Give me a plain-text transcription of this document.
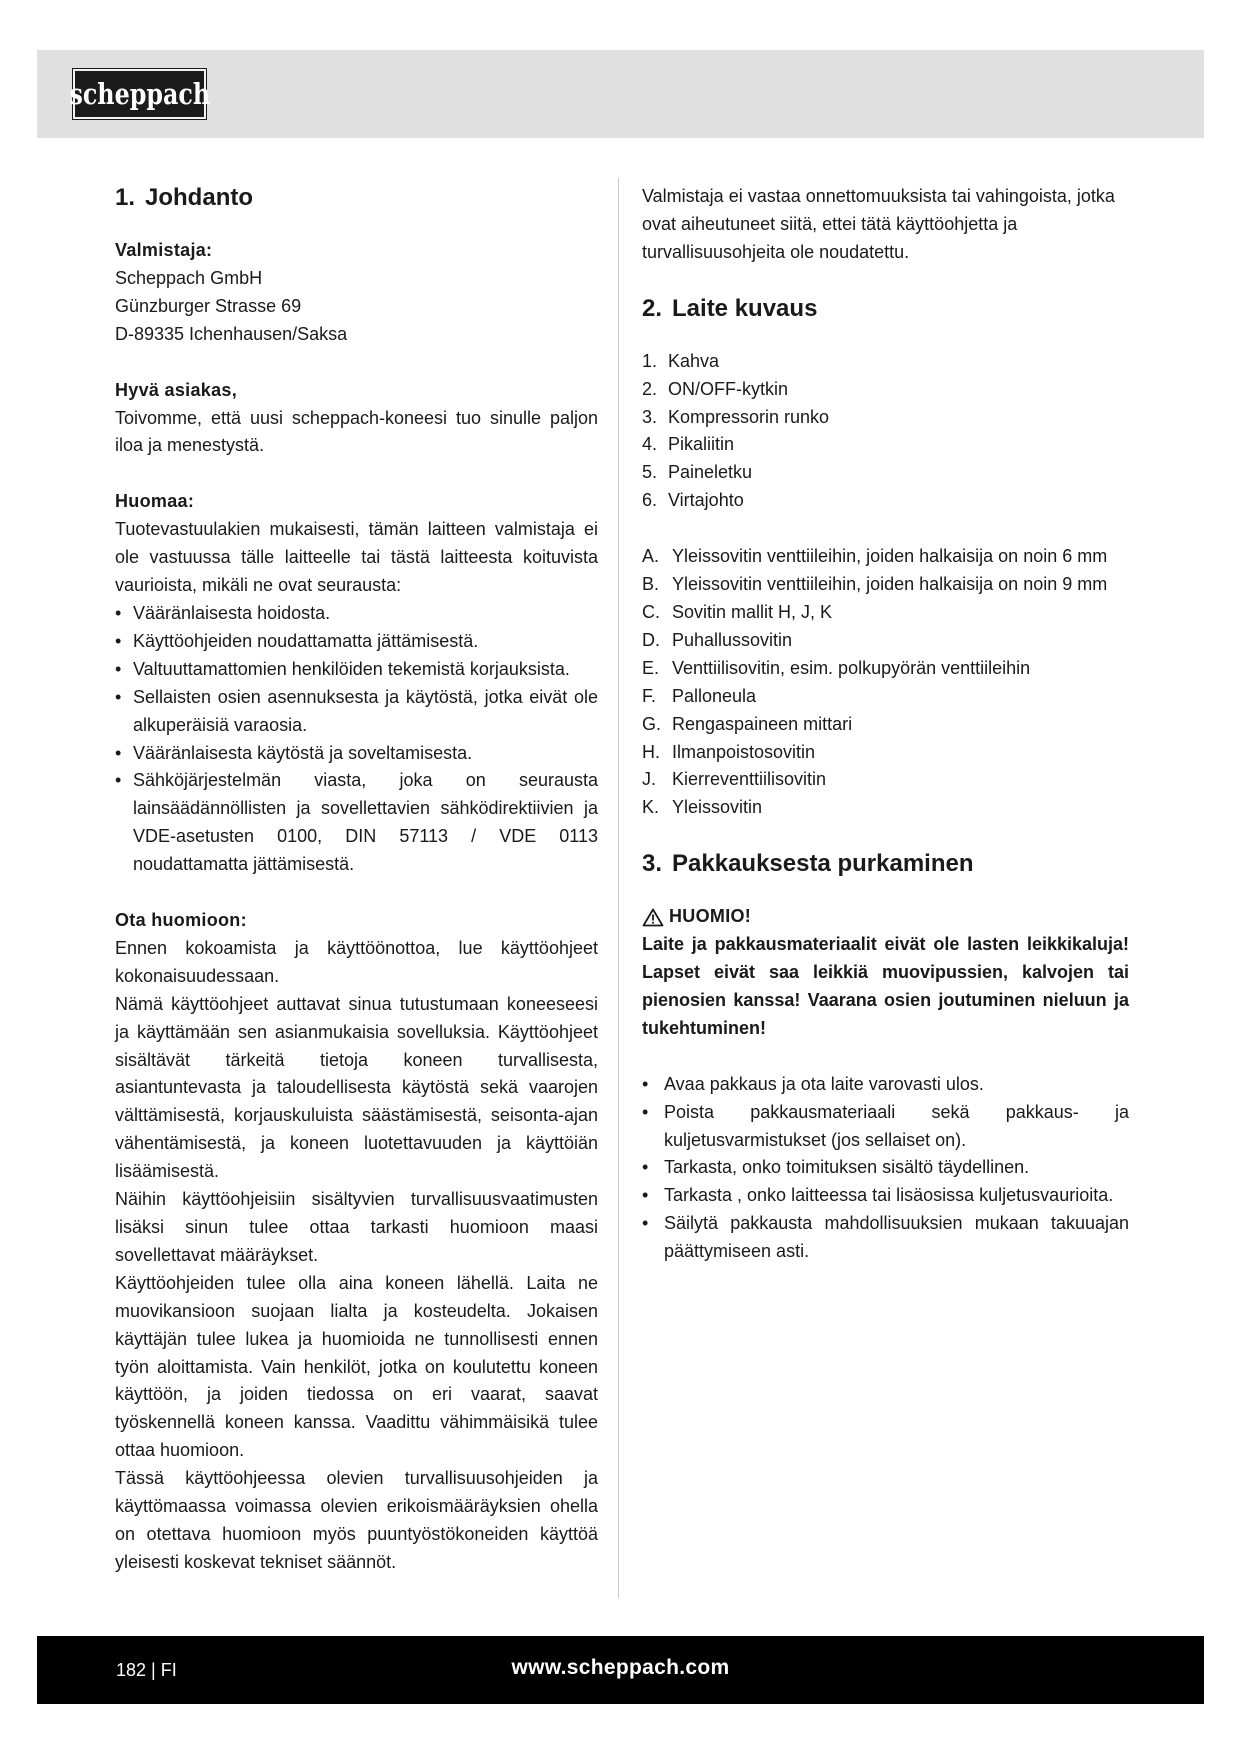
scheppach
1. Johdanto
Valmistaja:
Scheppach GmbH
Günzburger Strasse 69
D-89335 Ichenhausen/Saksa
Hyvä asiakas,

Toivomme, että uusi scheppach-koneesi tuo sinulle paljon iloa ja menestystä.

Huomaa:

Tuotevastuulakien mukaisesti, tämän laitteen valmistaja ei ole vastuussa tälle laitteelle tai tästä laitteesta koituvista vaurioista, mikäli ne ovat seurausta:

• Vääränlaisesta hoidosta.
• Käyttöohjeiden noudattamatta jättämisestä.
• Valtuuttamattomien henkilöiden tekemistä korjauksista.
• Sellaisten osien asennuksesta ja käytöstä, jotka eivät ole alkuperäisiä varaosia.
• Vääränlaisesta käytöstä ja soveltamisesta.
• Sähköjärjestelmän viasta, joka on seurausta lainsäädännöllisten ja sovellettavien sähködirektiivien ja VDE-asetusten 0100, DIN 57113 / VDE 0113 noudattamatta jättämisestä.
Ota huomioon:

Ennen kokoamista ja käyttöönottoa, lue käyttöohjeet kokonaisuudessaan.

Nämä käyttöohjeet auttavat sinua tutustumaan koneeseesi ja käyttämään sen asianmukaisia sovelluksia. Käyttöohjeet sisältävät tärkeitä tietoja koneen turvallisesta, asiantuntevasta ja taloudellisesta käytöstä sekä vaarojen välttämisestä, korjauskuluista säästämisestä, seisonta-ajan vähentämisestä, ja koneen luotettavuuden ja käyttöiän lisäämisestä.

Näihin käyttöohjeisiin sisältyvien turvallisuusvaatimusten lisäksi sinun tulee ottaa tarkasti huomioon maasi sovellettavat määräykset.

Käyttöohjeiden tulee olla aina koneen lähellä. Laita ne muovikansioon suojaan lialta ja kosteudelta. Jokaisen käyttäjän tulee lukea ja huomioida ne tunnollisesti ennen työn aloittamista. Vain henkilöt, jotka on koulutettu koneen käyttöön, ja joiden tiedossa on eri vaarat, saavat työskennellä koneen kanssa. Vaadittu vähimmäisikä tulee ottaa huomioon.

Tässä käyttöohjeessa olevien turvallisuusohjeiden ja käyttömaassa voimassa olevien erikoismääräyksien ohella on otettava huomioon myös puuntyöstökoneiden käyttöä yleisesti koskevat tekniset säännöt.

Valmistaja ei vastaa onnettomuuksista tai vahingoista, jotka ovat aiheutuneet siitä, ettei tätä käyttöohjetta ja turvallisuusohjeita ole noudatettu.

2. Laite kuvaus
1. Kahva
2. ON/OFF-kytkin
3. Kompressorin runko
4. Pikaliitin
5. Paineletku
6. Virtajohto
A. Yleissovitin venttiileihin, joiden halkaisija on noin 6 mm
B. Yleissovitin venttiileihin, joiden halkaisija on noin 9 mm
C. Sovitin mallit H, J, K
D. Puhallussovitin
E. Venttiilisovitin, esim. polkupyörän venttiileihin
F. Palloneula
G. Rengaspaineen mittari
H. Ilmanpoistosovitin
J. Kierreventtiilisovitin
K. Yleissovitin
3. Pakkauksesta purkaminen
HUOMIO!

Laite ja pakkausmateriaalit eivät ole lasten leikkikaluja! Lapset eivät saa leikkiä muovipussien, kalvojen tai pienosien kanssa! Vaarana osien joutuminen nieluun ja tukehtuminen!

• Avaa pakkaus ja ota laite varovasti ulos.
• Poista pakkausmateriaali sekä pakkaus- ja kuljetusvarmistukset (jos sellaiset on).
• Tarkasta, onko toimituksen sisältö täydellinen.
• Tarkasta , onko laitteessa tai lisäosissa kuljetusvaurioita.
• Säilytä pakkausta mahdollisuuksien mukaan takuuajan päättymiseen asti.
182 | FI	www.scheppach.com
